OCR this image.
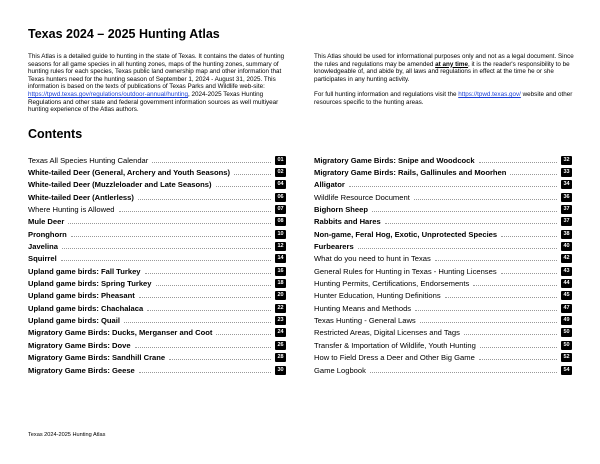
Texas 2024 – 2025 Hunting Atlas

This Atlas is a detailed guide to hunting in the state of Texas. It contains the dates of hunting seasons for all game species in all hunting zones, maps of the hunting zones, summary of hunting rules for each species, Texas public land ownership map and other information that Texas hunters need for the hunting season of September 1, 2024 - August 31, 2025. This information is based on the texts of publications of Texas Parks and Wildlife web-site: https://tpwd.texas.gov/regulations/outdoor-annual/hunting, 2024-2025 Texas Hunting Regulations and other state and federal government information sources as well multiyear hunting experience of the Atlas authors.

This Atlas should be used for informational purposes only and not as a legal document. Since the rules and regulations may be amended at any time, it is the reader's responsibility to be knowledgeable of, and abide by, all laws and regulations in effect at the time he or she participates in any hunting activity.

For full hunting information and regulations visit the https://tpwd.texas.gov/ website and other resources specific to the hunting areas.

Contents
Texas All Species Hunting Calendar	01
White-tailed Deer (General, Archery and Youth Seasons)	02
White-tailed Deer (Muzzleloader and Late Seasons)	04
White-tailed Deer (Antlerless)	06
Where Hunting is Allowed	07
Mule Deer	08
Pronghorn	10
Javelina	12
Squirrel	14
Upland game birds: Fall Turkey	16
Upland game birds: Spring Turkey	18
Upland game birds: Pheasant	20
Upland game birds: Chachalaca	22
Upland game birds: Quail	23
Migratory Game Birds: Ducks, Merganser and Coot	24
Migratory Game Birds: Dove	26
Migratory Game Birds: Sandhill Crane	28
Migratory Game Birds: Geese	30
Migratory Game Birds: Snipe and Woodcock	32
Migratory Game Birds: Rails, Gallinules and Moorhen	33
Alligator	34
Wildlife Resource Document	36
Bighorn Sheep	37
Rabbits and Hares	37
Non-game, Feral Hog, Exotic, Unprotected Species	38
Furbearers	40
What do you need to hunt in Texas	42
General Rules for Hunting in Texas - Hunting Licenses	43
Hunting Permits, Certifications, Endorsements	44
Hunter Education, Hunting Definitions	45
Hunting Means and Methods	47
Texas Hunting - General Laws	49
Restricted Areas, Digital Licenses and Tags	50
Transfer & Importation of Wildlife, Youth Hunting	50
How to Field Dress a Deer and Other Big Game	52
Game Logbook	54
Texas 2024-2025 Hunting Atlas
